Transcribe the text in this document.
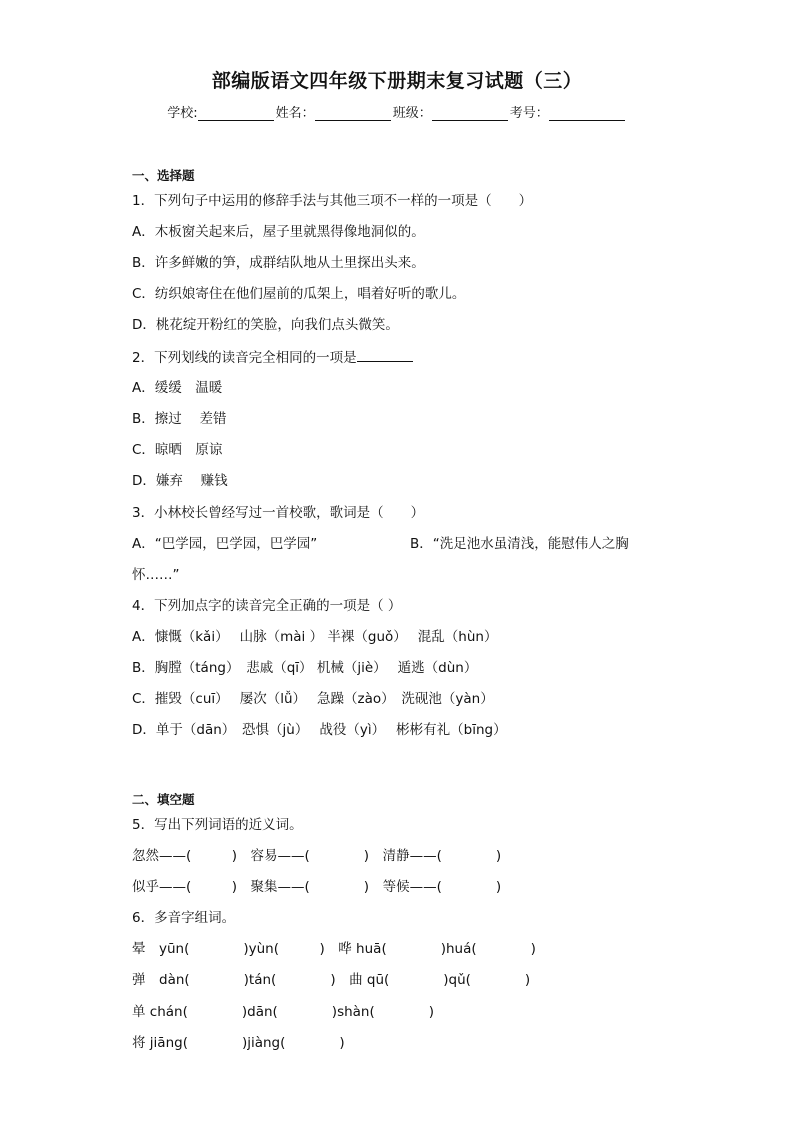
部编版语文四年级下册期末复习试题（三）
学校:	姓名：	班级：	考号：
一、选择题
1．下列句子中运用的修辞手法与其他三项不一样的一项是（　　）
A．木板窗关起来后，屋子里就黑得像地洞似的。
B．许多鲜嫩的笋，成群结队地从土里探出头来。
C．纺织娘寄住在他们屋前的瓜架上，唱着好听的歌儿。
D．桃花绽开粉红的笑脸，向我们点头微笑。
2．下列划线的读音完全相同的一项是
A．缓缓　温暖
B．擦过　 差错
C．晾晒　原谅
D．嫌弃　 赚钱
3．小林校长曾经写过一首校歌，歌词是（　　）
A．“巴学园，巴学园，巴学园”	B．“洗足池水虽清浅，能慰伟人之胸
怀……”
4．下列加点字的读音完全正确的一项是（ ）
A．慷慨（kǎi）　 山脉（mài ） 半裸（guǒ）　 混乱（hùn）
B．胸膛（táng）　悲戚（qī） 机械（jiè）　 遁逃（dùn）
C．摧毁（cuī）　 屡次（lǚ）　 急躁（zào）　洗砚池（yàn）
D．单于（dān）　恐惧（jù）　 战役（yì）　 彬彬有礼（bīng）
二、填空题
5．写出下列词语的近义词。
忽然——(　　　)　容易——(　　　　)　清静——(　　　　)
似乎——(　　　)　聚集——(　　　　)　等候——(　　　　)
6．多音字组词。
晕　yūn(　　　　)yùn(　　　)　哗 huā(　　　　)huá(　　　　)
弹　dàn(　　　　)tán(　　　　)　曲 qū(　　　　)qǔ(　　　　)
单 chán(　　　　)dān(　　　　)shàn(　　　　)
将 jiāng(　　　　)jiàng(　　　　)
